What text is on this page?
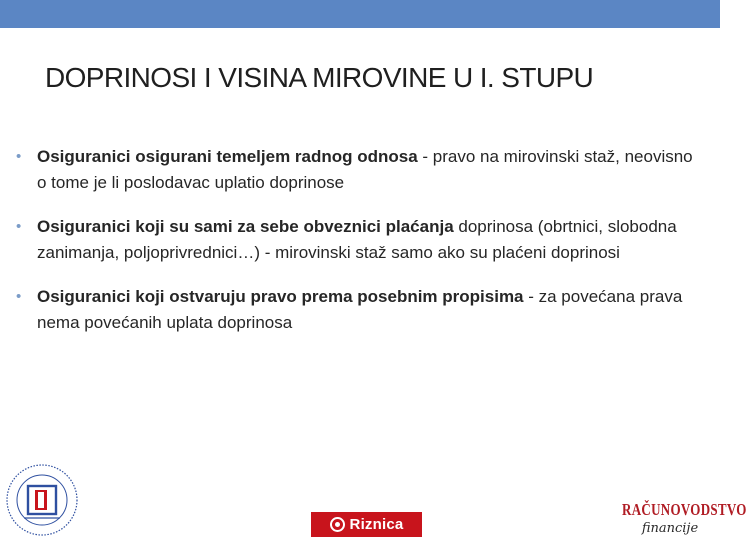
DOPRINOSI I VISINA MIROVINE U I. STUPU
• Osiguranici osigurani temeljem radnog odnosa - pravo na mirovinski staž, neovisno o tome je li poslodavac uplatio doprinose
• Osiguranici koji su sami za sebe obveznici plaćanja doprinosa (obrtnici, slobodna zanimanja, poljoprivrednici…) - mirovinski staž samo ako su plaćeni doprinosi
• Osiguranici koji ostvaruju pravo prema posebnim propisima - za povećana prava nema povećanih uplata doprinosa
Riznica
RAČUNOVODSTVO
financije
